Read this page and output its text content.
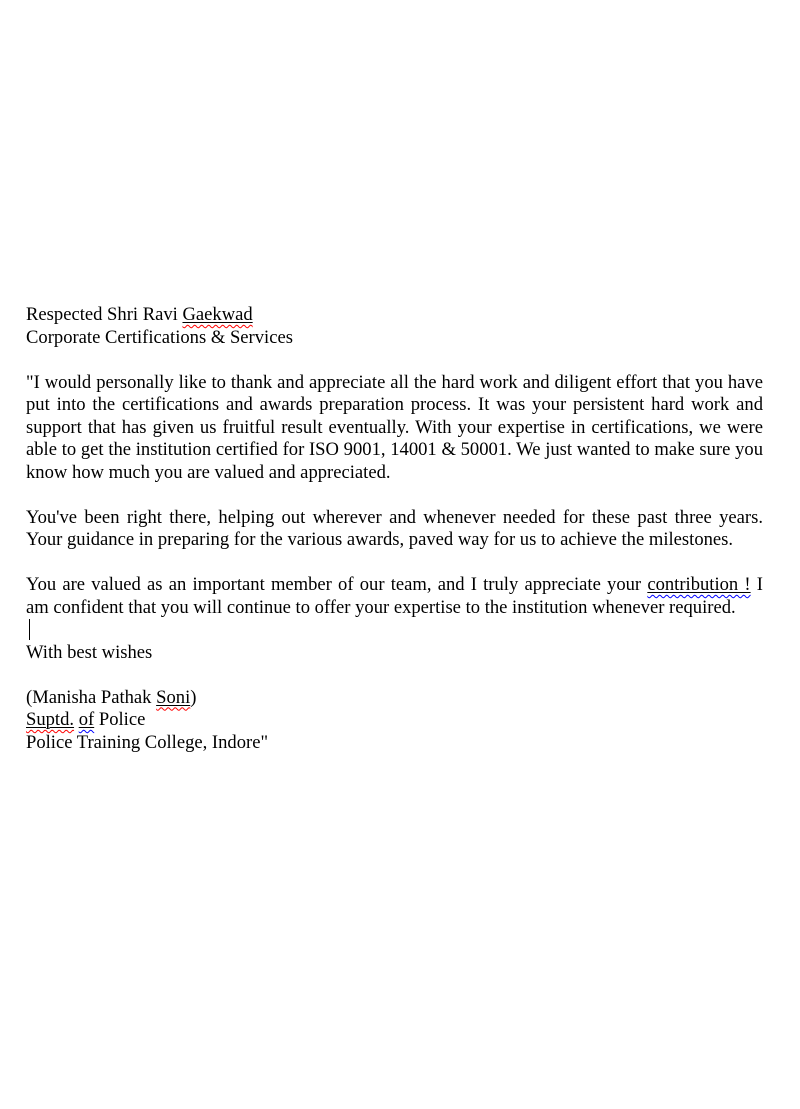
Respected Shri Ravi Gaekwad

Corporate Certifications & Services

"I would personally like to thank and appreciate all the hard work and diligent effort that you have put into the certifications and awards preparation process. It was your persistent hard work and support that has given us fruitful result eventually. With your expertise in certifications, we were able to get the institution certified for ISO 9001, 14001 & 50001. We just wanted to make sure you know how much you are valued and appreciated.

You've been right there, helping out wherever and whenever needed for these past three years. Your guidance in preparing for the various awards, paved way for us to achieve the milestones.

You are valued as an important member of our team, and I truly appreciate your contribution ! I am confident that you will continue to offer your expertise to the institution whenever required.

With best wishes

(Manisha Pathak Soni)

Suptd. of Police

Police Training College, Indore"
